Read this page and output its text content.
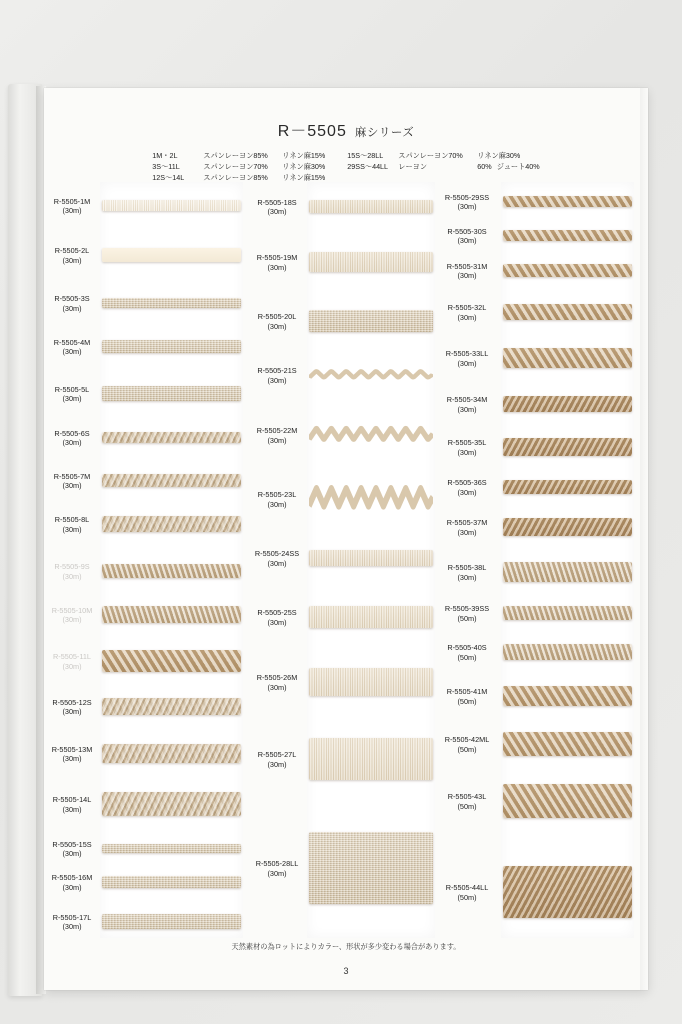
R－5505 麻シリーズ
1M・2L	スパンレーヨン85%	リネン麻15%
3S～11L	スパンレーヨン70%	リネン麻30%
12S～14L	スパンレーヨン85%	リネン麻15%
15S～28LL	スパンレーヨン70%	リネン麻30%
29SS～44LL	レーヨン	60% ジュート40%
R-5505-1M
(30m)
R-5505-2L
(30m)
R-5505-3S
(30m)
R-5505-4M
(30m)
R-5505-5L
(30m)
R-5505-6S
(30m)
R-5505-7M
(30m)
R-5505-8L
(30m)
R-5505-9S
(30m)
R-5505-10M
(30m)
R-5505-11L
(30m)
R-5505-12S
(30m)
R-5505-13M
(30m)
R-5505-14L
(30m)
R-5505-15S
(30m)
R-5505-16M
(30m)
R-5505-17L
(30m)
R-5505-18S
(30m)
R-5505-19M
(30m)
R-5505-20L
(30m)
R-5505-21S
(30m)
R-5505-22M
(30m)
R-5505-23L
(30m)
R-5505-24SS
(30m)
R-5505-25S
(30m)
R-5505-26M
(30m)
R-5505-27L
(30m)
R-5505-28LL
(30m)
R-5505-29SS
(30m)
R-5505-30S
(30m)
R-5505-31M
(30m)
R-5505-32L
(30m)
R-5505-33LL
(30m)
R-5505-34M
(30m)
R-5505-35L
(30m)
R-5505-36S
(30m)
R-5505-37M
(30m)
R-5505-38L
(30m)
R-5505-39SS
(50m)
R-5505-40S
(50m)
R-5505-41M
(50m)
R-5505-42ML
(50m)
R-5505-43L
(50m)
R-5505-44LL
(50m)
天然素材の為ロットによりカラー、形状が多少変わる場合があります。
3
